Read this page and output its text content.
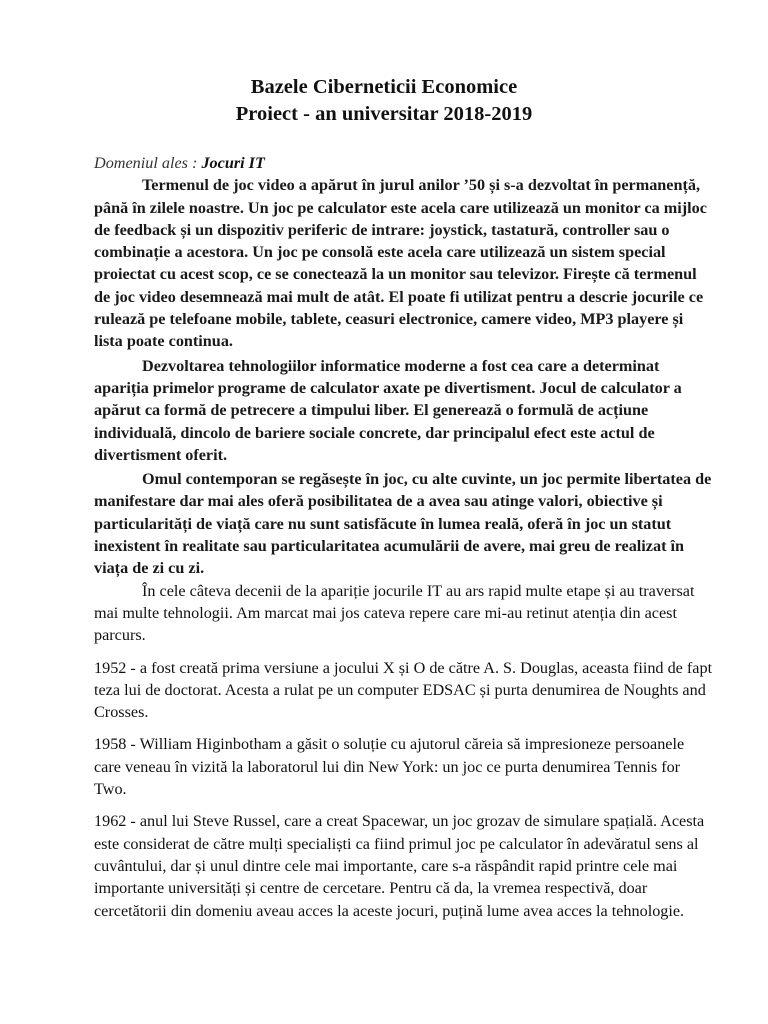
Bazele Ciberneticii Economice
Proiect - an universitar 2018-2019

Domeniul ales : Jocuri IT

Termenul de joc video a apărut în jurul anilor ’50 și s-a dezvoltat în permanență, până în zilele noastre. Un joc pe calculator este acela care utilizează un monitor ca mijloc de feedback și un dispozitiv periferic de intrare: joystick, tastatură, controller sau o combinație a acestora. Un joc pe consolă este acela care utilizează un sistem special proiectat cu acest scop, ce se conectează la un monitor sau televizor. Firește că termenul de joc video desemnează mai mult de atât. El poate fi utilizat pentru a descrie jocurile ce rulează pe telefoane mobile, tablete, ceasuri electronice, camere video, MP3 playere și lista poate continua.

Dezvoltarea tehnologiilor informatice moderne a fost cea care a determinat apariția primelor programe de calculator axate pe divertisment. Jocul de calculator a apărut ca formă de petrecere a timpului liber. El generează o formulă de acțiune individuală, dincolo de bariere sociale concrete, dar principalul efect este actul de divertisment oferit.

Omul contemporan se regăsește în joc, cu alte cuvinte, un joc permite libertatea de manifestare dar mai ales oferă posibilitatea de a avea sau atinge valori, obiective și particularități de viață care nu sunt satisfăcute în lumea reală, oferă în joc un statut inexistent în realitate sau particularitatea acumulării de avere, mai greu de realizat în viața de zi cu zi.

În cele câteva decenii de la apariție jocurile IT au ars rapid multe etape și au traversat mai multe tehnologii. Am marcat mai jos cateva repere care mi-au retinut atenția din acest parcurs.

1952 - a fost creată prima versiune a jocului X și O de către A. S. Douglas, aceasta fiind de fapt teza lui de doctorat. Acesta a rulat pe un computer EDSAC și purta denumirea de Noughts and Crosses.

1958 - William Higinbotham a găsit o soluție cu ajutorul căreia să impresioneze persoanele care veneau în vizită la laboratorul lui din New York: un joc ce purta denumirea Tennis for Two.

1962 - anul lui Steve Russel, care a creat Spacewar, un joc grozav de simulare spațială. Acesta este considerat de către mulți specialiști ca fiind primul joc pe calculator în adevăratul sens al cuvântului, dar și unul dintre cele mai importante, care s-a răspândit rapid printre cele mai importante universități și centre de cercetare. Pentru că da, la vremea respectivă, doar cercetătorii din domeniu aveau acces la aceste jocuri, puțină lume avea acces la tehnologie.
